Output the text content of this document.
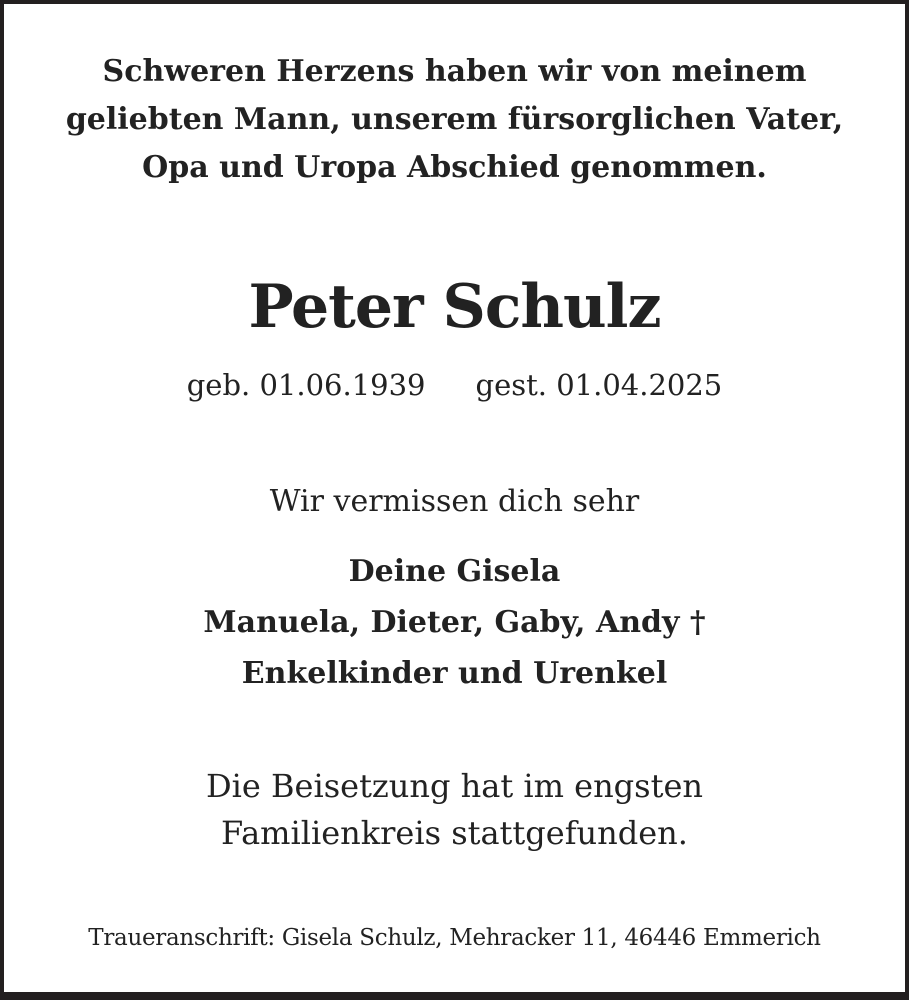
Schweren Herzens haben wir von meinem
geliebten Mann, unserem fürsorglichen Vater,
Opa und Uropa Abschied genommen.
Peter Schulz
geb. 01.06.1939 gest. 01.04.2025
Wir vermissen dich sehr
Deine Gisela
Manuela, Dieter, Gaby, Andy †
Enkelkinder und Urenkel
Die Beisetzung hat im engsten
Familienkreis stattgefunden.
Traueranschrift: Gisela Schulz, Mehracker 11, 46446 Emmerich
